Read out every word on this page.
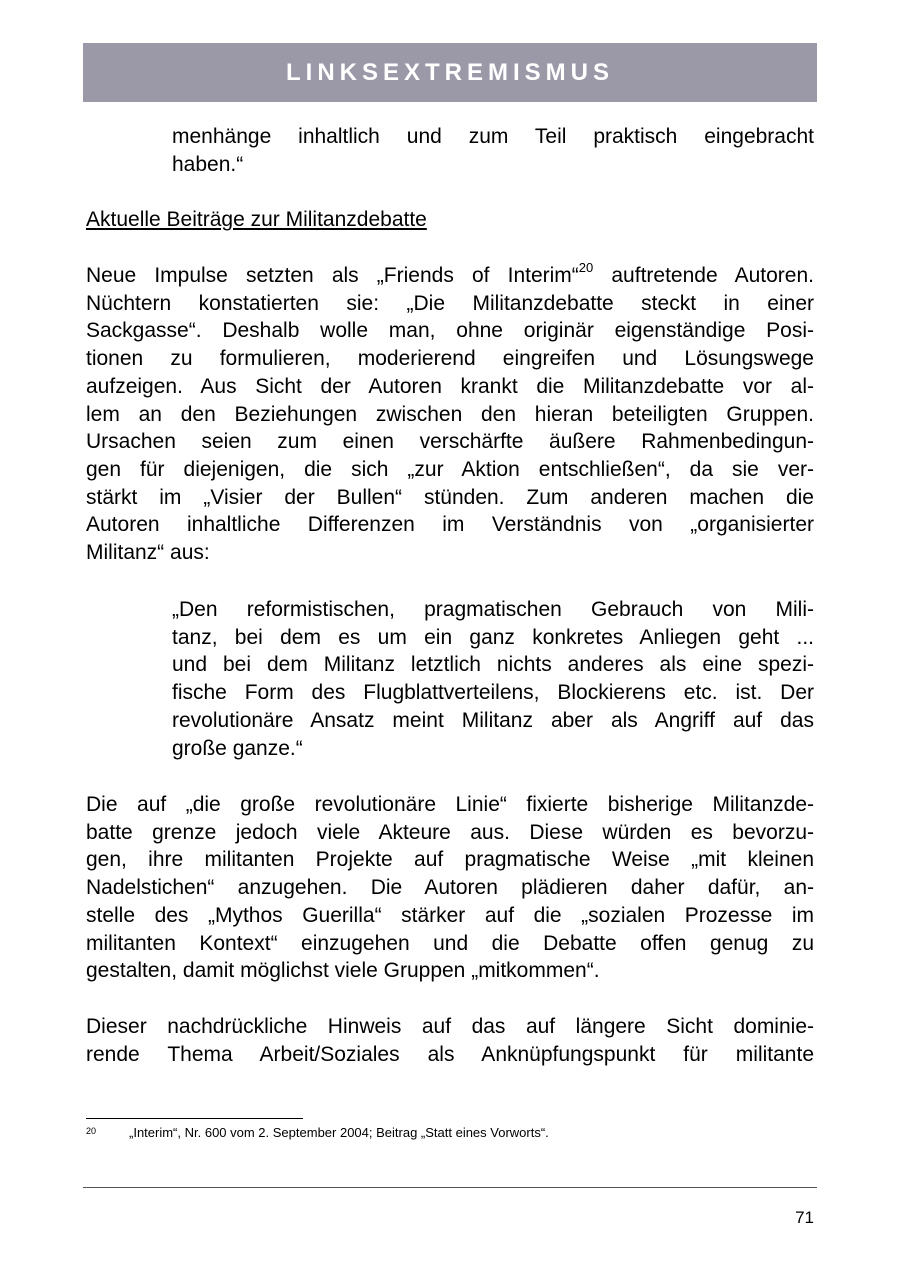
LINKSEXTREMISMUS
menhänge inhaltlich und zum Teil praktisch eingebracht
haben.“
Aktuelle Beiträge zur Militanzdebatte
Neue Impulse setzten als „Friends of Interim“$^{20}$ auftretende Autoren.
Nüchtern konstatierten sie: „Die Militanzdebatte steckt in einer
Sackgasse“. Deshalb wolle man, ohne originär eigenständige Posi-
tionen zu formulieren, moderierend eingreifen und Lösungswege
aufzeigen. Aus Sicht der Autoren krankt die Militanzdebatte vor al-
lem an den Beziehungen zwischen den hieran beteiligten Gruppen.
Ursachen seien zum einen verschärfte äußere Rahmenbedingun-
gen für diejenigen, die sich „zur Aktion entschließen“, da sie ver-
stärkt im „Visier der Bullen“ stünden. Zum anderen machen die
Autoren inhaltliche Differenzen im Verständnis von „organisierter
Militanz“ aus:
„Den reformistischen, pragmatischen Gebrauch von Mili-
tanz, bei dem es um ein ganz konkretes Anliegen geht ...
und bei dem Militanz letztlich nichts anderes als eine spezi-
fische Form des Flugblattverteilens, Blockierens etc. ist. Der
revolutionäre Ansatz meint Militanz aber als Angriff auf das
große ganze.“
Die auf „die große revolutionäre Linie“ fixierte bisherige Militanzde-
batte grenze jedoch viele Akteure aus. Diese würden es bevorzu-
gen, ihre militanten Projekte auf pragmatische Weise „mit kleinen
Nadelstichen“ anzugehen. Die Autoren plädieren daher dafür, an-
stelle des „Mythos Guerilla“ stärker auf die „sozialen Prozesse im
militanten Kontext“ einzugehen und die Debatte offen genug zu
gestalten, damit möglichst viele Gruppen „mitkommen“.
Dieser nachdrückliche Hinweis auf das auf längere Sicht dominie-
rende Thema Arbeit/Soziales als Anknüpfungspunkt für militante
20	„Interim“, Nr. 600 vom 2. September 2004; Beitrag „Statt eines Vorworts“.
71
